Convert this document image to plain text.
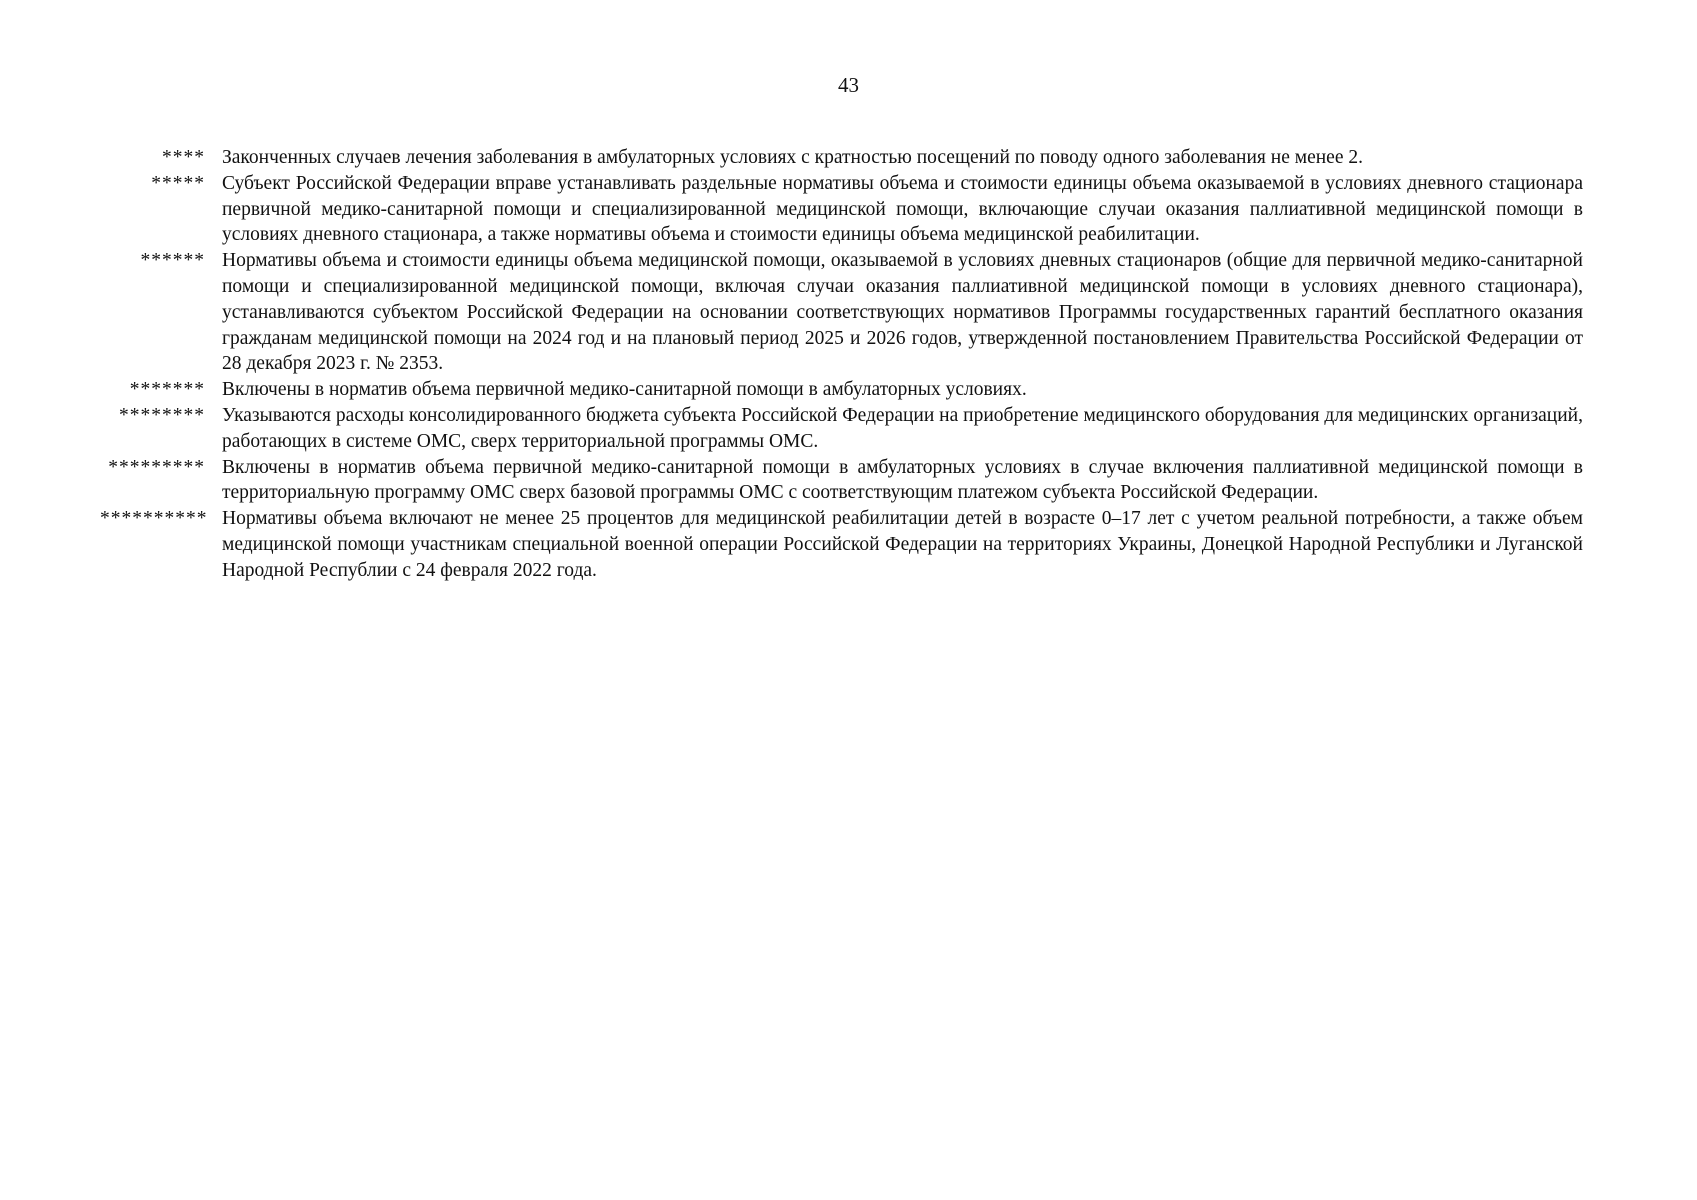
43
**** Законченных случаев лечения заболевания в амбулаторных условиях с кратностью посещений по поводу одного заболевания не менее 2.
***** Субъект Российской Федерации вправе устанавливать раздельные нормативы объема и стоимости единицы объема оказываемой в условиях дневного стационара первичной медико-санитарной помощи и специализированной медицинской помощи, включающие случаи оказания паллиативной медицинской помощи в условиях дневного стационара, а также нормативы объема и стоимости единицы объема медицинской реабилитации.
****** Нормативы объема и стоимости единицы объема медицинской помощи, оказываемой в условиях дневных стационаров (общие для первичной медико-санитарной помощи и специализированной медицинской помощи, включая случаи оказания паллиативной медицинской помощи в условиях дневного стационара), устанавливаются субъектом Российской Федерации на основании соответствующих нормативов Программы государственных гарантий бесплатного оказания гражданам медицинской помощи на 2024 год и на плановый период 2025 и 2026 годов, утвержденной постановлением Правительства Российской Федерации от 28 декабря 2023 г. № 2353.
******* Включены в норматив объема первичной медико-санитарной помощи в амбулаторных условиях.
******** Указываются расходы консолидированного бюджета субъекта Российской Федерации на приобретение медицинского оборудования для медицинских организаций, работающих в системе ОМС, сверх территориальной программы ОМС.
********* Включены в норматив объема первичной медико-санитарной помощи в амбулаторных условиях в случае включения паллиативной медицинской помощи в территориальную программу ОМС сверх базовой программы ОМС с соответствующим платежом субъекта Российской Федерации.
********** Нормативы объема включают не менее 25 процентов для медицинской реабилитации детей в возрасте 0–17 лет с учетом реальной потребности, а также объем медицинской помощи участникам специальной военной операции Российской Федерации на территориях Украины, Донецкой Народной Республики и Луганской Народной Республии с 24 февраля 2022 года.
